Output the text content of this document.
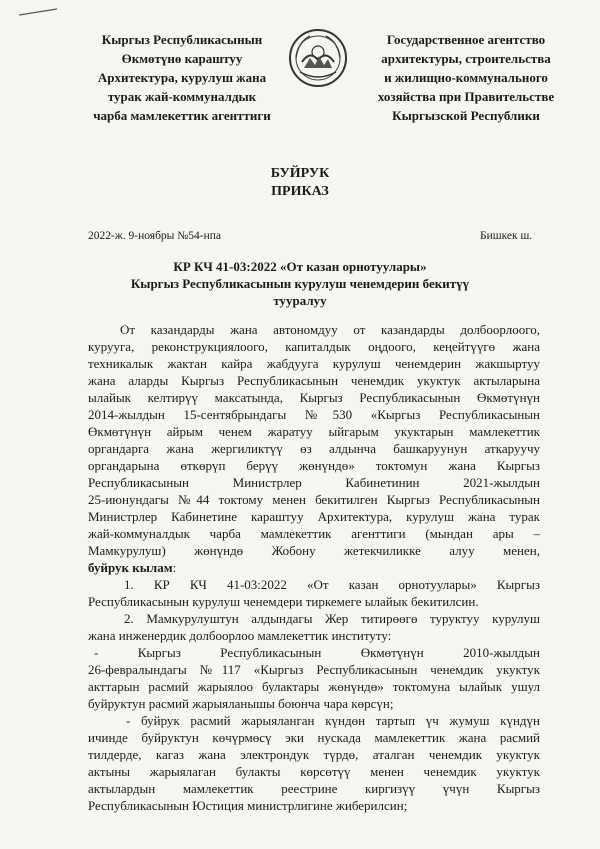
Кыргыз Республикасынын
Өкмөтүнө караштуу
Архитектура, курулуш жана
турак жай-коммуналдык
чарба мамлекеттик агенттиги
Государственное агентство
архитектуры, строительства
и жилищно-коммунального
хозяйства при Правительстве
Кыргызской Республики
БУЙРУК
ПРИКАЗ
2022-ж. 9-ноябры №54-нпа	Бишкек ш.
КР КЧ 41-03:2022 «От казан орнотуулары»
Кыргыз Республикасынын курулуш ченемдерин бекитүү
тууралуу

От казандарды жана автономдуу от казандарды долбоорлоого,

курууга, реконструкциялоого, капиталдык оңдоого, кеңейтүүгө жана

техникалык жактан кайра жабдууга курулуш ченемдерин жакшыртуу

жана аларды Кыргыз Республикасынын ченемдик укуктук актыларына

ылайык келтирүү максатында, Кыргыз Республикасынын Өкмөтүнүн

2014-жылдын 15-сентябрындагы №530 «Кыргыз Республикасынын

Өкмөтүнүн айрым ченем жаратуу ыйгарым укуктарын мамлекеттик

органдарга жана жергиликтүү өз алдынча башкаруунун аткаруучу

органдарына өткөрүп берүү жөнүндө» токтомун жана Кыргыз

Республикасынын Министрлер Кабинетинин 2021-жылдын

25-июнундагы №44 токтому менен бекитилген Кыргыз Республикасынын

Министрлер Кабинетине караштуу Архитектура, курулуш жана турак

жай-коммуналдык чарба мамлекеттик агенттиги (мындан ары –

Мамкурулуш) жөнүндө Жобону жетекчиликке алуу менен,

буйрук кылам:

1. КР КЧ 41-03:2022 «От казан орнотуулары» Кыргыз

Республикасынын курулуш ченемдери тиркемеге ылайык бекитилсин.

2. Мамкурулуштун алдындагы Жер титирөөгө туруктуу курулуш

жана инженердик долбоорлоо мамлекеттик институту:

- Кыргыз Республикасынын Өкмөтүнүн 2010-жылдын

26-февралындагы №117 «Кыргыз Республикасынын ченемдик укуктук

акттарын расмий жарыялоо булактары жөнүндө» токтомуна ылайык ушул

буйруктун расмий жарыяланышы боюнча чара көрсүн;

- буйрук расмий жарыяланган күндөн тартып үч жумуш күндүн

ичинде буйруктун көчүрмөсү эки нускада мамлекеттик жана расмий

тилдерде, кагаз жана электрондук түрдө, аталган ченемдик укуктук

актыны жарыялаган булакты көрсөтүү менен ченемдик укуктук

актылардын мамлекеттик реестрине киргизүү үчүн Кыргыз

Республикасынын Юстиция министрлигине жиберилсин;
